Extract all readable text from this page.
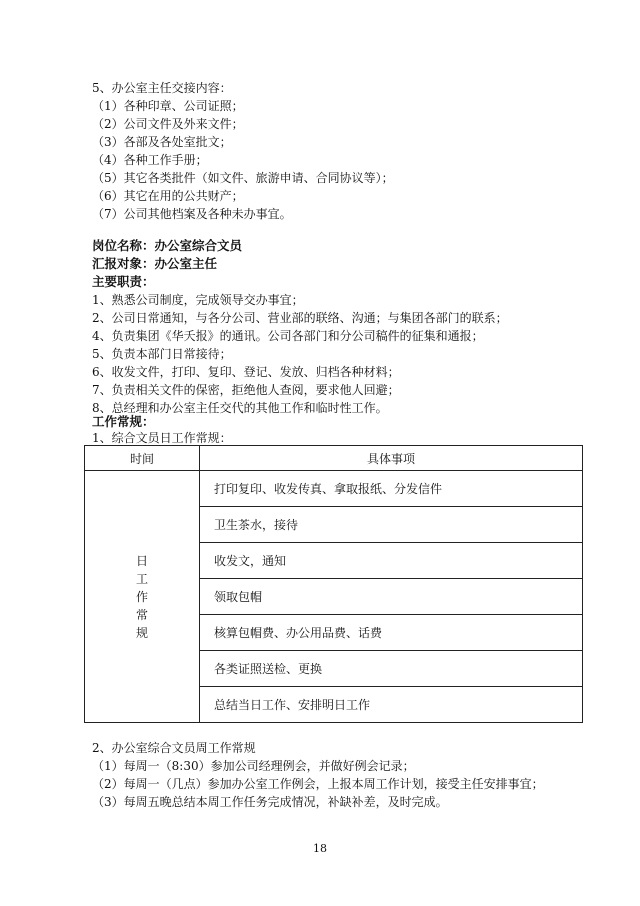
5、办公室主任交接内容：
（1）各种印章、公司证照；
（2）公司文件及外来文件；
（3）各部及各处室批文；
（4）各种工作手册；
（5）其它各类批件（如文件、旅游申请、合同协议等）；
（6）其它在用的公共财产；
（7）公司其他档案及各种未办事宜。
岗位名称：办公室综合文员
汇报对象：办公室主任
主要职责：
1、熟悉公司制度，完成领导交办事宜；
2、公司日常通知，与各分公司、营业部的联络、沟通；与集团各部门的联系；
4、负责集团《华夭报》的通讯。公司各部门和分公司稿件的征集和通报；
5、负责本部门日常接待；
6、收发文件，打印、复印、登记、发放、归档各种材料；
7、负责相关文件的保密，拒绝他人查阅，要求他人回避；
8、总经理和办公室主任交代的其他工作和临时性工作。
工作常规：
1、综合文员日工作常规：
时间	具体事项
日工作常规	打印复印、收发传真、拿取报纸、分发信件
	卫生茶水，接待
	收发文，通知
	领取包帽
	核算包帽费、办公用品费、话费
	各类证照送检、更换
	总结当日工作、安排明日工作
2、办公室综合文员周工作常规
（1）每周一（8:30）参加公司经理例会，并做好例会记录；
（2）每周一（几点）参加办公室工作例会，上报本周工作计划，接受主任安排事宜；
（3）每周五晚总结本周工作任务完成情况，补缺补差，及时完成。
18
